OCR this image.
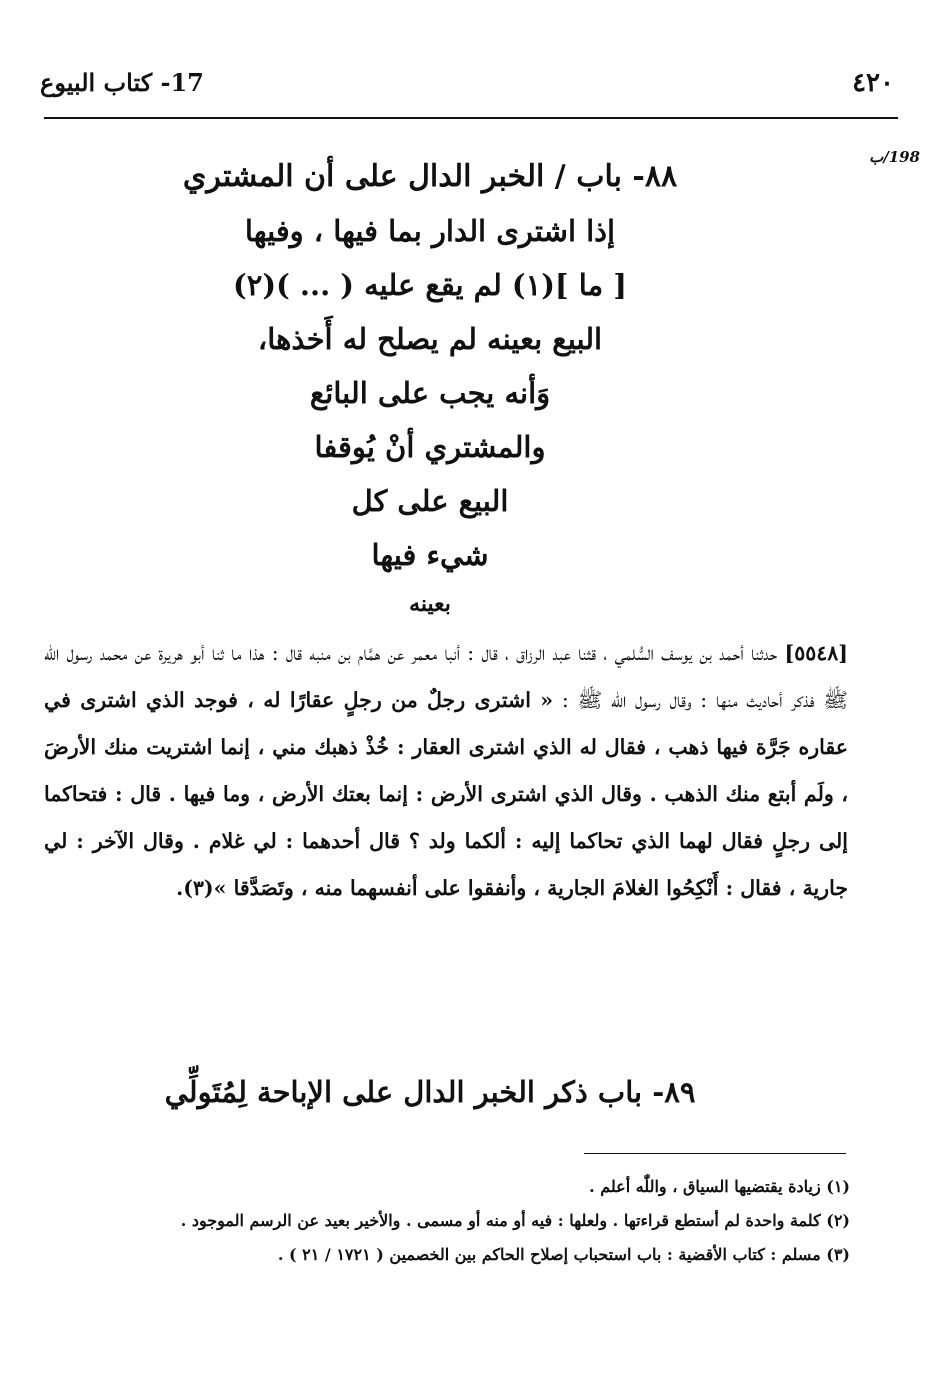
٤٢٠
17- كتاب البيوع
198/ب
٨٨- باب / الخبر الدال على أن المشتري
إذا اشترى الدار بما فيها ، وفيها
[ ما ](١) لم يقع عليه ( ... )(٢)
البيع بعينه لم يصلح له أَخذها،
وَأنه يجب على البائع
والمشتري أنْ يُوقفا
البيع على كل
شيء فيها
بعينه
[٥٥٤٨] حدثنا أحمد بن يوسف السُّلمي ، قثنا عبد الرزاق ، قال : أنبا معمر عن همَّام بن منبه قال : هذا ما ثنا أبو هريرة عن محمد رسول اللّٰه ﷺ فذكر أحاديث منها : وقال رسول اللّٰه ﷺ : « اشترى رجلٌ من رجلٍ عقارًا له ، فوجد الذي اشترى في عقاره جَرَّة فيها ذهب ، فقال له الذي اشترى العقار : خُذْ ذهبك مني ، إنما اشتريت منك الأرضَ ، ولَم أبتع منك الذهب . وقال الذي اشترى الأرض : إنما بعتك الأرض ، وما فيها . قال : فتحاكما إلى رجلٍ فقال لهما الذي تحاكما إليه : ألكما ولد ؟ قال أحدهما : لي غلام . وقال الآخر : لي جارية ، فقال : أَنْكِحُوا الغلامَ الجارية ، وأنفقوا على أنفسهما منه ، وتَصَدَّقا »(٣).
٨٩- باب ذكر الخبر الدال على الإباحة لِمُتَولِّي
(١) زيادة يقتضيها السياق ، واللّٰه أعلم .
(٢) كلمة واحدة لم أستطع قراءتها . ولعلها : فيه أو منه أو مسمى . والأخير بعيد عن الرسم الموجود .
(٣) مسلم : كتاب الأقضية : باب استحباب إصلاح الحاكم بين الخصمين ( ١٧٢١ / ٢١ ) .
